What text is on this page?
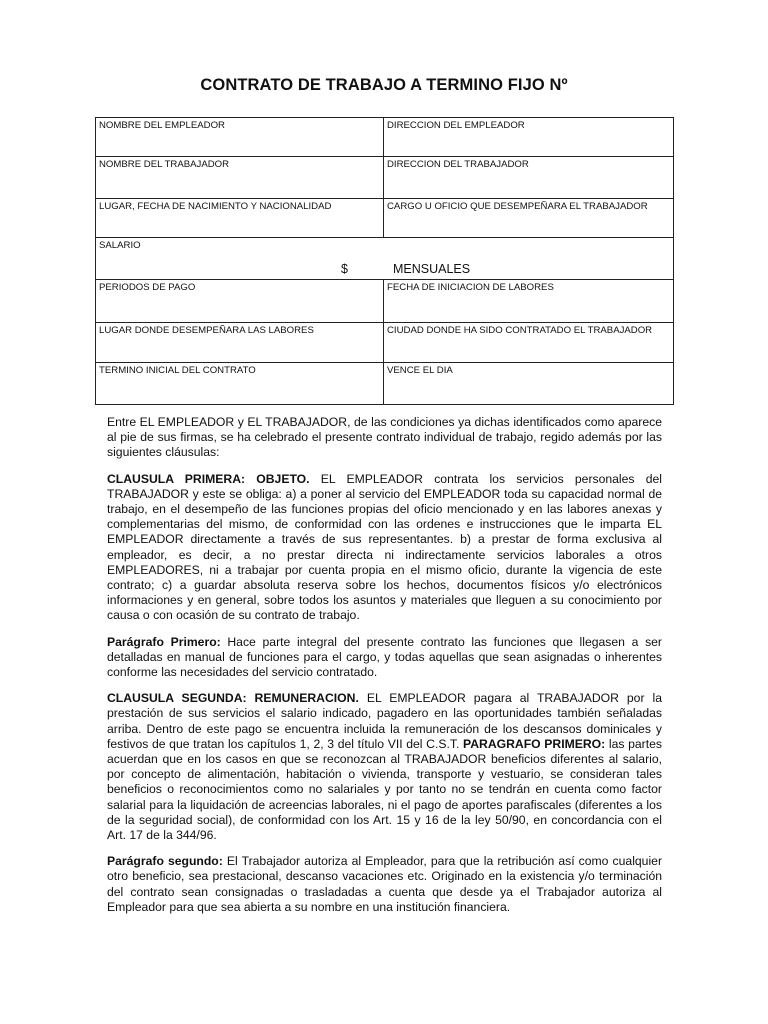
CONTRATO DE TRABAJO A TERMINO FIJO Nº
NOMBRE DEL EMPLEADOR	DIRECCION DEL EMPLEADOR
NOMBRE DEL TRABAJADOR	DIRECCION DEL TRABAJADOR
LUGAR, FECHA DE NACIMIENTO Y NACIONALIDAD	CARGO U OFICIO QUE DESEMPEÑARA EL TRABAJADOR

SALARIO
$ MENSUALES	

PERIODOS DE PAGO	FECHA DE INICIACION DE LABORES
LUGAR DONDE DESEMPEÑARA LAS LABORES	CIUDAD DONDE HA SIDO CONTRATADO EL TRABAJADOR
TERMINO INICIAL DEL CONTRATO	VENCE EL DIA

Entre EL EMPLEADOR y EL TRABAJADOR, de las condiciones ya dichas identificados como aparece al pie de sus firmas, se ha celebrado el presente contrato individual de trabajo, regido además por las siguientes cláusulas:

CLAUSULA PRIMERA: OBJETO. EL EMPLEADOR contrata los servicios personales del TRABAJADOR y este se obliga: a) a poner al servicio del EMPLEADOR toda su capacidad normal de trabajo, en el desempeño de las funciones propias del oficio mencionado y en las labores anexas y complementarias del mismo, de conformidad con las ordenes e instrucciones que le imparta EL EMPLEADOR directamente a través de sus representantes. b) a prestar de forma exclusiva al empleador, es decir, a no prestar directa ni indirectamente servicios laborales a otros EMPLEADORES, ni a trabajar por cuenta propia en el mismo oficio, durante la vigencia de este contrato; c) a guardar absoluta reserva sobre los hechos, documentos físicos y/o electrónicos informaciones y en general, sobre todos los asuntos y materiales que lleguen a su conocimiento por causa o con ocasión de su contrato de trabajo.

Parágrafo Primero: Hace parte integral del presente contrato las funciones que llegasen a ser detalladas en manual de funciones para el cargo, y todas aquellas que sean asignadas o inherentes conforme las necesidades del servicio contratado.

CLAUSULA SEGUNDA: REMUNERACION. EL EMPLEADOR pagara al TRABAJADOR por la prestación de sus servicios el salario indicado, pagadero en las oportunidades también señaladas arriba. Dentro de este pago se encuentra incluida la remuneración de los descansos dominicales y festivos de que tratan los capítulos 1, 2, 3 del título VII del C.S.T. PARAGRAFO PRIMERO: las partes acuerdan que en los casos en que se reconozcan al TRABAJADOR beneficios diferentes al salario, por concepto de alimentación, habitación o vivienda, transporte y vestuario, se consideran tales beneficios o reconocimientos como no salariales y por tanto no se tendrán en cuenta como factor salarial para la liquidación de acreencias laborales, ni el pago de aportes parafiscales (diferentes a los de la seguridad social), de conformidad con los Art. 15 y 16 de la ley 50/90, en concordancia con el Art. 17 de la 344/96.

Parágrafo segundo: El Trabajador autoriza al Empleador, para que la retribución así como cualquier otro beneficio, sea prestacional, descanso vacaciones etc. Originado en la existencia y/o terminación del contrato sean consignadas o trasladadas a cuenta que desde ya el Trabajador autoriza al Empleador para que sea abierta a su nombre en una institución financiera.
